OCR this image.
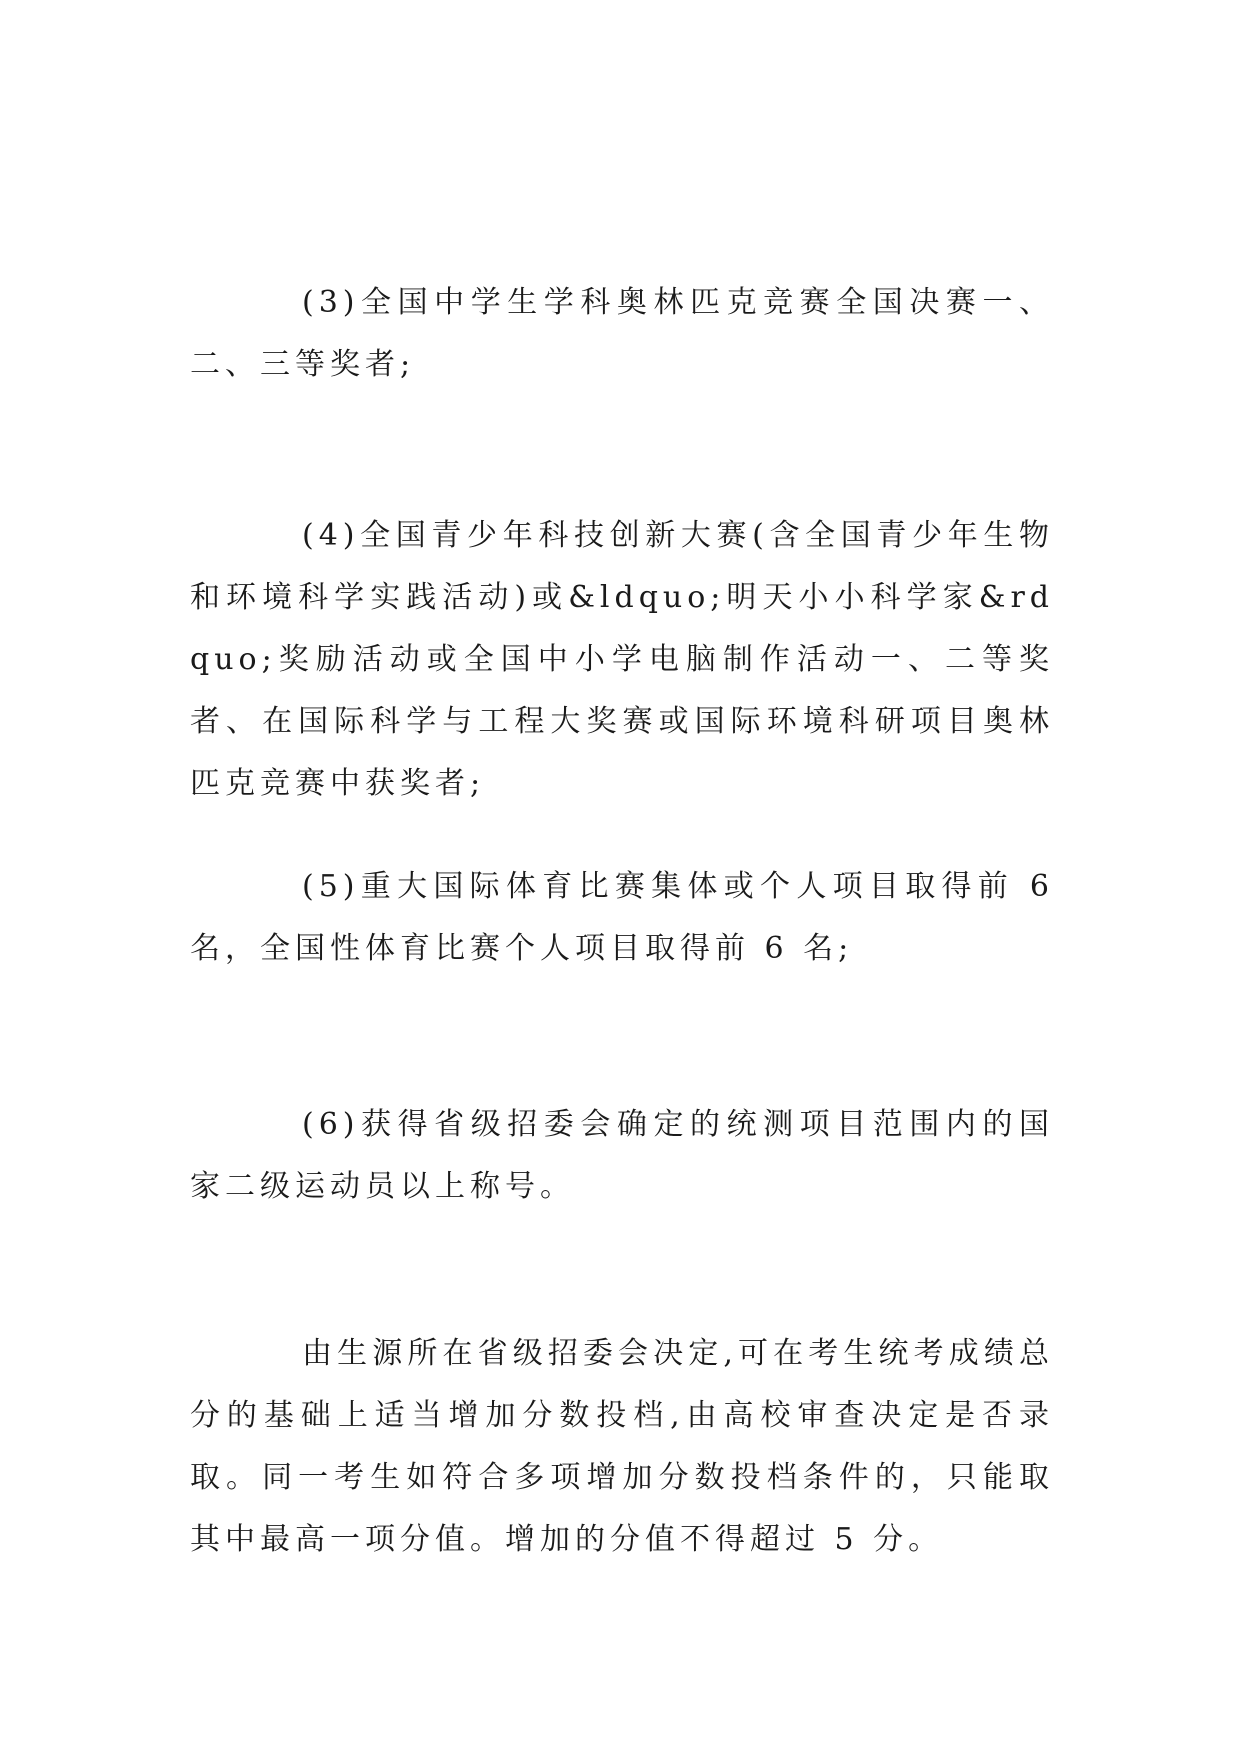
(3)全国中学生学科奥林匹克竞赛全国决赛一、二、三等奖者;

(4)全国青少年科技创新大赛(含全国青少年生物和环境科学实践活动)或&ldquo;明天小小科学家&rdquo;奖励活动或全国中小学电脑制作活动一、二等奖者、在国际科学与工程大奖赛或国际环境科研项目奥林匹克竞赛中获奖者;

(5)重大国际体育比赛集体或个人项目取得前 6 名，全国性体育比赛个人项目取得前 6 名;

(6)获得省级招委会确定的统测项目范围内的国家二级运动员以上称号。

由生源所在省级招委会决定,可在考生统考成绩总分的基础上适当增加分数投档,由高校审查决定是否录取。同一考生如符合多项增加分数投档条件的，只能取其中最高一项分值。增加的分值不得超过 5 分。
